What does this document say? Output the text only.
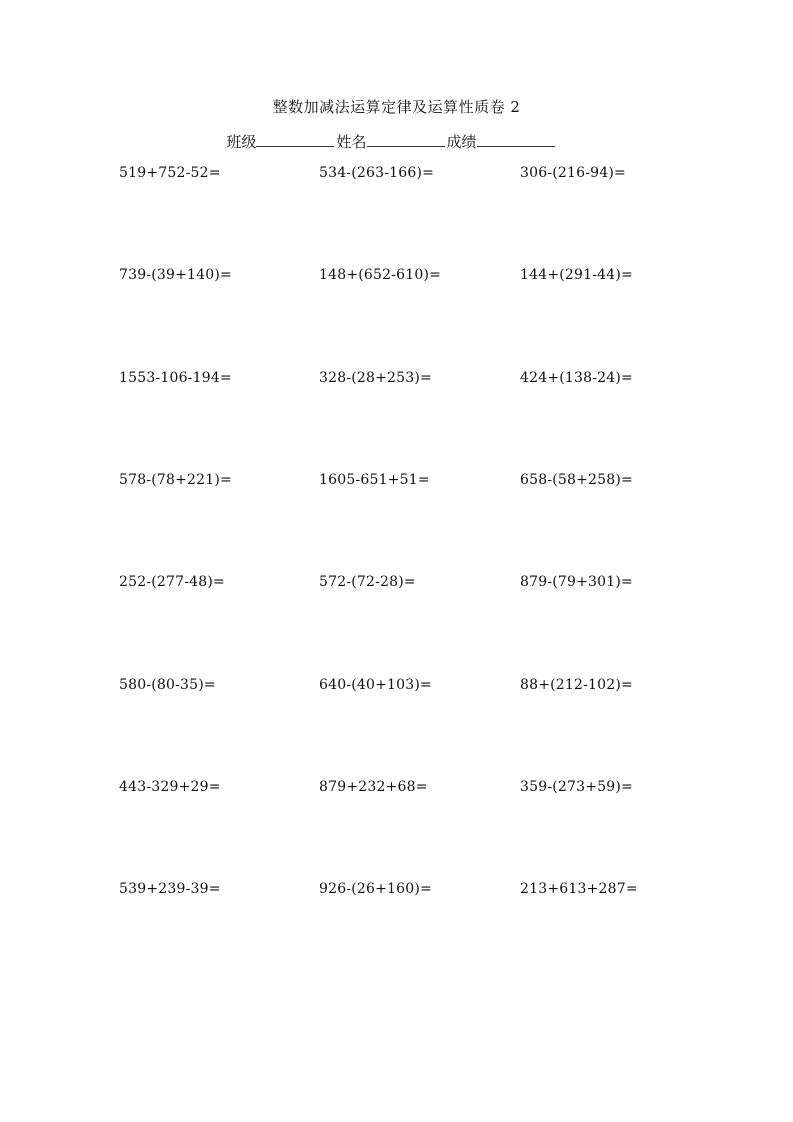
整数加减法运算定律及运算性质卷 2
班级	姓名	成绩
519+752-52=	534-(263-166)=	306-(216-94)=
739-(39+140)=	148+(652-610)=	144+(291-44)=
1553-106-194=	328-(28+253)=	424+(138-24)=
578-(78+221)=	1605-651+51=	658-(58+258)=
252-(277-48)=	572-(72-28)=	879-(79+301)=
580-(80-35)=	640-(40+103)=	88+(212-102)=
443-329+29=	879+232+68=	359-(273+59)=
539+239-39=	926-(26+160)=	213+613+287=
